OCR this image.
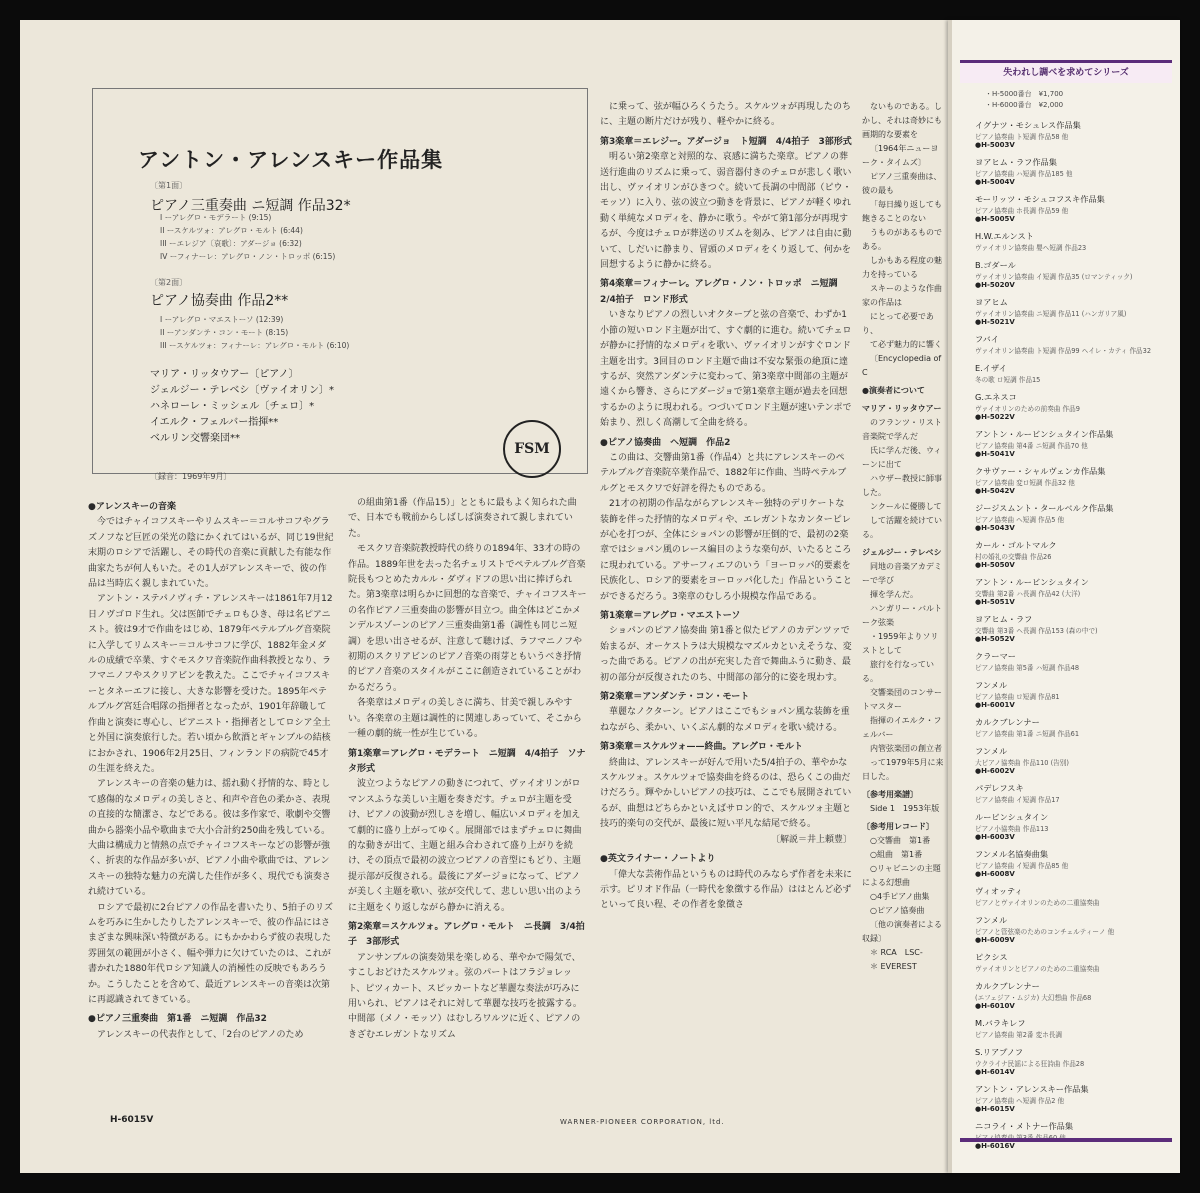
アントン・アレンスキー作品集
〔第1面〕
ピアノ三重奏曲 ニ短調 作品32*
I ーアレグロ・モデラート (9:15)
II ースケルツォ：アレグロ・モルト (6:44)
III ーエレジア〔哀歌〕：アダージョ (6:32)
IV ーフィナーレ：アレグロ・ノン・トロッポ (6:15)
〔第2面〕
ピアノ協奏曲 作品2**
I ーアレグロ・マエストーソ (12:39)
II ーアンダンテ・コン・モート (8:15)
III ースケルツォ：フィナーレ：アレグロ・モルト (6:10)
マリア・リッタウアー〔ピアノ〕
ジェルジー・テレベシ〔ヴァイオリン〕*
ハネローレ・ミッシェル〔チェロ〕*
イエルク・フェルバー指揮**
ベルリン交響楽団**
〔録音：1969年9月〕
FSM

●アレンスキーの音楽

今ではチャイコフスキーやリムスキー＝コルサコフやグラズノフなど巨匠の栄光の陰にかくれてはいるが、同じ19世紀末期のロシアで活躍し、その時代の音楽に貢献した有能な作曲家たちが何人もいた。その1人がアレンスキーで、彼の作品は当時広く親しまれていた。

アントン・ステパノヴィチ・アレンスキーは1861年7月12日ノヴゴロド生れ。父は医師でチェロもひき、母は名ピアニスト。彼は9才で作曲をはじめ、1879年ペテルブルグ音楽院に入学してリムスキー＝コルサコフに学び、1882年金メダルの成績で卒業、すぐモスクワ音楽院作曲科教授となり、ラフマニノフやスクリアビンを教えた。ここでチャイコフスキーとタネーエフに接し、大きな影響を受けた。1895年ペテルブルグ宮廷合唱隊の指揮者となったが、1901年辞職して作曲と演奏に専心し、ピアニスト・指揮者としてロシア全土と外国に演奏旅行した。若い頃から飲酒とギャンブルの結核におかされ、1906年2月25日、フィンランドの病院で45才の生涯を終えた。

アレンスキーの音楽の魅力は、揺れ動く抒情的な、時として感傷的なメロディの美しさと、和声や音色の柔かさ、表現の直接的な簡潔さ、などである。彼は多作家で、歌劇や交響曲から器楽小品や歌曲まで大小合計約250曲を残している。大曲は構成力と情熱の点でチャイコフスキーなどの影響が強く、折衷的な作品が多いが、ピアノ小曲や歌曲では、アレンスキーの独特な魅力の充満した佳作が多く、現代でも演奏され続けている。

ロシアで最初に2台ピアノの作品を書いたり、5拍子のリズムを巧みに生かしたりしたアレンスキーで、彼の作品にはさまざまな興味深い特徴がある。にもかかわらず彼の表現した雰囲気の範囲が小さく、幅や弾力に欠けていたのは、これが書かれた1880年代ロシア知識人の消極性の反映でもあろうか。こうしたことを含めて、最近アレンスキーの音楽は次第に再認識されてきている。

●ピアノ三重奏曲　第1番　ニ短調　作品32

アレンスキーの代表作として、「2台のピアノのため

の組曲第1番（作品15）」とともに最もよく知られた曲で、日本でも戦前からしばしば演奏されて親しまれていた。

モスクワ音楽院教授時代の終りの1894年、33才の時の作品。1889年世を去った名チェリストでペテルブルグ音楽院長もつとめたカルル・ダヴィドフの思い出に捧げられた。第3楽章は明らかに回想的な音楽で、チャイコフスキーの名作ピアノ三重奏曲の影響が目立つ。曲全体はどこかメンデルスゾーンのピアノ三重奏曲第1番（調性も同じニ短調）を思い出させるが、注意して聴けば、ラフマニノフや初期のスクリアビンのピアノ音楽の雨芽ともいうべき抒情的ピアノ音楽のスタイルがここに創造されていることがわかるだろう。

各楽章はメロディの美しさに満ち、甘美で親しみやすい。各楽章の主題は調性的に関連しあっていて、そこから一種の劇的統一性が生じている。

第1楽章＝アレグロ・モデラート　ニ短調　4/4拍子　ソナタ形式

波立つようなピアノの動きにつれて、ヴァイオリンがロマンスふうな美しい主題を奏きだす。チェロが主題を受け、ピアノの波動が烈しさを増し、幅広いメロディを加えて劇的に盛り上がってゆく。展開部ではまずチェロに舞曲的な動きが出て、主題と組み合わされて盛り上がりを続け、その頂点で最初の波立つピアノの音型にもどり、主題提示部が反復される。最後にアダージョになって、ピアノが美しく主題を歌い、弦が交代して、悲しい思い出のように主題をくり返しながら静かに消える。

第2楽章＝スケルツォ。アレグロ・モルト　ニ長調　3/4拍子　3部形式

アンサンブルの演奏効果を楽しめる、華やかで陽気で、すこしおどけたスケルツォ。弦のパートはフラジョレット、ピツィカート、スピッカートなど華麗な奏法が巧みに用いられ、ピアノはそれに対して華麗な技巧を披露する。中間部（メノ・モッソ）はむしろワルツに近く、ピアノのきざむエレガントなリズム

に乗って、弦が幅ひろくうたう。スケルツォが再現したのちに、主題の断片だけが残り、軽やかに終る。

第3楽章＝エレジー。アダージョ　ト短調　4/4拍子　3部形式

明るい第2楽章と対照的な、哀感に満ちた楽章。ピアノの葬送行進曲のリズムに乗って、弱音器付きのチェロが悲しく歌い出し、ヴァイオリンがひきつぐ。続いて長調の中間部（ピウ・モッソ）に入り、弦の波立つ動きを背景に、ピアノが軽くゆれ動く単純なメロディを、静かに歌う。やがて第1部分が再現するが、今度はチェロが葬送のリズムを刻み、ピアノは自由に動いて、しだいに静まり、冒頭のメロディをくり返して、何かを回想するように静かに終る。

第4楽章＝フィナーレ。アレグロ・ノン・トロッポ　ニ短調　2/4拍子　ロンド形式

いきなりピアノの烈しいオクターブと弦の音楽で、わずか1小節の短いロンド主題が出て、すぐ劇的に進む。続いてチェロが静かに抒情的なメロディを歌い、ヴァイオリンがすぐロンド主題を出す。3回目のロンド主題で曲は不安な緊張の絶頂に達するが、突然アンダンテに変わって、第3楽章中間部の主題が遠くから響き、さらにアダージョで第1楽章主題が過去を回想するかのように現われる。つづいてロンド主題が速いテンポで始まり、烈しく高潮して全曲を終る。

●ピアノ協奏曲　ヘ短調　作品2

この曲は、交響曲第1番（作品4）と共にアレンスキーのペテルブルグ音楽院卒業作品で、1882年に作曲、当時ペテルブルグとモスクワで好評を得たものである。

21才の初期の作品ながらアレンスキー独特のデリケートな装飾を伴った抒情的なメロディや、エレガントなカンターピレが心を打つが、全体にショパンの影響が圧倒的で、最初の2楽章ではショパン風のレース編目のような楽句が、いたるところに現われている。アサーフィエフのいう「ヨーロッパ的要素を民族化し、ロシア的要素をヨーロッパ化した」作品ということができるだろう。3楽章のむしろ小規模な作品である。

第1楽章＝アレグロ・マエストーソ

ショパンのピアノ協奏曲 第1番と似たピアノのカデンツァで始まるが、オーケストラは大規模なマズルカといえそうな、変った曲である。ピアノの出が充実した音で舞曲ふうに動き、最初の部分が反復されたのち、中間部の部分的に姿を現わす。

第2楽章＝アンダンテ・コン・モート

華麗なノクターン。ピアノはここでもショパン風な装飾を重ねながら、柔かい、いくぶん劇的なメロディを歌い続ける。

第3楽章＝スケルツォ——終曲。アレグロ・モルト

終曲は、アレンスキーが好んで用いた5/4拍子の、華やかなスケルツォ。スケルツォで協奏曲を終るのは、恐らくこの曲だけだろう。輝やかしいピアノの技巧は、ここでも展開されているが、曲想はどちらかといえばサロン的で、スケルツォ主題と技巧的楽句の交代が、最後に短い平凡な結尾で終る。

〔解説＝井上頼豊〕

●英文ライナー・ノートより

「偉大な芸術作品というものは時代のみならず作者を未来に示す。ピリオド作品（一時代を象徴する作品）ははとんど必ずといって良い程、その作者を象徴さ

ないものである。しかし、それは奇妙にも画期的な要素を

〔1964年ニューヨーク・タイムズ〕

ピアノ三重奏曲は、彼の最も

「毎日繰り返しても飽きることのない

うものがあるものである。

しかもある程度の魅力を持っている

スキーのような作曲家の作品は

にとって必要であり、

て必ず魅力的に響く

〔Encyclopedia of C

●演奏者について

マリア・リッタウアー

のフランツ・リスト音楽院で学んだ

氏に学んだ後、ウィーンに出て

ハウザー教授に師事した。

ンクールに優勝して

して活躍を続けている。

ジェルジー・テレベシ

同地の音楽アカデミーで学び

揮を学んだ。

ハンガリー・バルトーク弦楽

・1959年よりソリストとして

旅行を行なっている。

交響楽団のコンサートマスター

指揮のイエルク・フェルバー

内管弦楽団の創立者

って1979年5月に来日した。

〔参考用楽譜〕

Side 1　1953年版

〔参考用レコード〕

○交響曲　第1番

○組曲　第1番

○リャビニンの主題による幻想曲

○4手ピアノ曲集

○ピアノ協奏曲

〔他の演奏者による収録〕

＊ RCA　LSC-

＊ EVEREST

H-6015V	WARNER-PIONEER CORPORATION, ltd.
失われし調べを求めてシリーズ
・H-5000番台　¥1,700
・H-6000番台　¥2,000
イグナツ・モシュレス作品集
ピアノ協奏曲 ト短調 作品58 他
●H-5003V
ヨアヒム・ラフ作品集
ピアノ協奏曲 ハ短調 作品185 他
●H-5004V
モーリッツ・モシュコフスキ作品集
ピアノ協奏曲 ホ長調 作品59 他
●H-5005V
H.W.エルンスト
ヴァイオリン協奏曲 嬰ヘ短調 作品23
B.ゴダール
ヴァイオリン協奏曲 イ短調 作品35 (ロマンティック)
●H-5020V
ヨアヒム
ヴァイオリン協奏曲 ニ短調 作品11 (ハンガリア風)
●H-5021V
フバイ
ヴァイオリン協奏曲 ト短調 作品99 ヘイレ・カティ 作品32
E.イザイ
冬の歌 ロ短調 作品15
G.エネスコ
ヴァイオリンのための前奏曲 作品9
●H-5022V
アントン・ルービンシュタイン作品集
ピアノ協奏曲 第4番 ニ短調 作品70 他
●H-5041V
クサヴァー・シャルヴェンカ作品集
ピアノ協奏曲 変ロ短調 作品32 他
●H-5042V
ジージスムント・タールベルク作品集
ピアノ協奏曲 ヘ短調 作品5 他
●H-5043V
カール・ゴルトマルク
村の婚礼の交響曲 作品26
●H-5050V
アントン・ルービンシュタイン
交響曲 第2番 ハ長調 作品42 (大洋)
●H-5051V
ヨアヒム・ラフ
交響曲 第3番 ヘ長調 作品153 (森の中で)
●H-5052V
クラーマー
ピアノ協奏曲 第5番 ハ短調 作品48
フンメル
ピアノ協奏曲 ロ短調 作品81
●H-6001V
カルクブレンナー
ピアノ協奏曲 第1番 ニ短調 作品61
フンメル
大ピアノ協奏曲 作品110 (告別)
●H-6002V
パデレフスキ
ピアノ協奏曲 イ短調 作品17
ルービンシュタイン
ピアノ小協奏曲 作品113
●H-6003V
フンメル名協奏曲集
ピアノ協奏曲 イ短調 作品85 他
●H-6008V
ヴィオッティ
ピアノとヴァイオリンのための二重協奏曲
フンメル
ピアノと管弦楽のためのコンチェルティーノ 他
●H-6009V
ピクシス
ヴァイオリンとピアノのための二重協奏曲
カルクブレンナー
(エフェジア・ムジカ) 大幻想曲 作品68
●H-6010V
M.バラキレフ
ピアノ協奏曲 第2番 変ホ長調
S.リアプノフ
ウクライナ民謡による狂詩曲 作品28
●H-6014V
アントン・アレンスキー作品集
ピアノ協奏曲 ヘ短調 作品2 他
●H-6015V
ニコライ・メトナー作品集
●H-6016V
